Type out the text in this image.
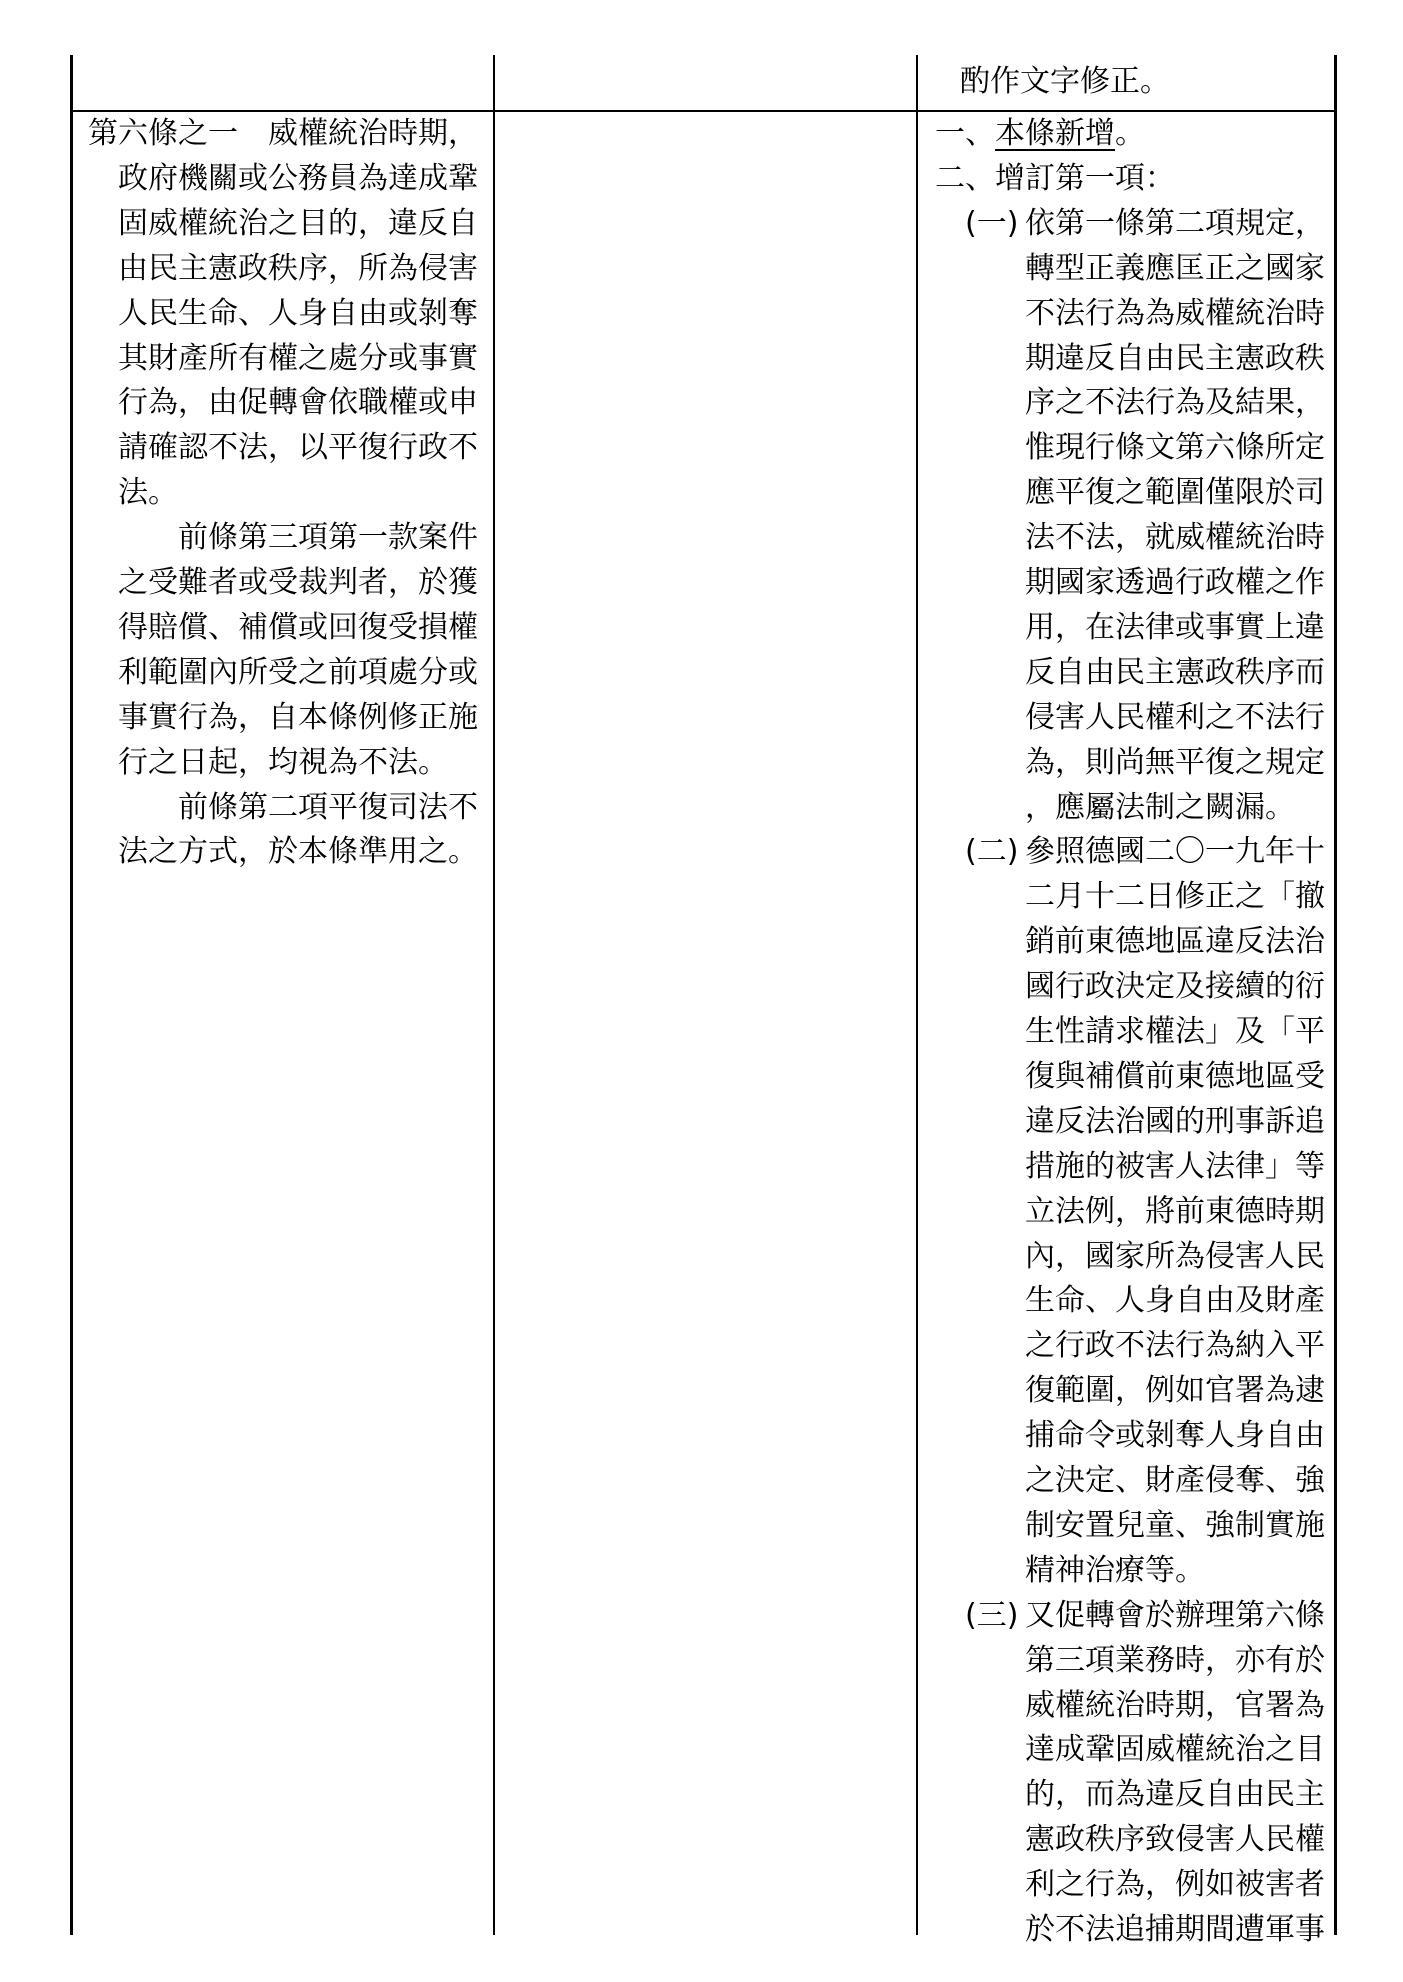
酌作文字修正。
第六條之一　威權統治時期，
政府機關或公務員為達成鞏
固威權統治之目的，違反自
由民主憲政秩序，所為侵害
人民生命、人身自由或剝奪
其財產所有權之處分或事實
行為，由促轉會依職權或申
請確認不法，以平復行政不
法。
前條第三項第一款案件
之受難者或受裁判者，於獲
得賠償、補償或回復受損權
利範圍內所受之前項處分或
事實行為，自本條例修正施
行之日起，均視為不法。
前條第二項平復司法不
法之方式，於本條準用之。
一、本條新增。
二、增訂第一項：
(一) 依第一條第二項規定，
轉型正義應匡正之國家
不法行為為威權統治時
期違反自由民主憲政秩
序之不法行為及結果，
惟現行條文第六條所定
應平復之範圍僅限於司
法不法，就威權統治時
期國家透過行政權之作
用，在法律或事實上違
反自由民主憲政秩序而
侵害人民權利之不法行
為，則尚無平復之規定
，應屬法制之闕漏。
(二) 參照德國二〇一九年十
二月十二日修正之「撤
銷前東德地區違反法治
國行政決定及接續的衍
生性請求權法」及「平
復與補償前東德地區受
違反法治國的刑事訴追
措施的被害人法律」等
立法例，將前東德時期
內，國家所為侵害人民
生命、人身自由及財產
之行政不法行為納入平
復範圍，例如官署為逮
捕命令或剝奪人身自由
之決定、財產侵奪、強
制安置兒童、強制實施
精神治療等。
(三) 又促轉會於辦理第六條
第三項業務時，亦有於
威權統治時期，官署為
達成鞏固威權統治之目
的，而為違反自由民主
憲政秩序致侵害人民權
利之行為，例如被害者
於不法追捕期間遭軍事
